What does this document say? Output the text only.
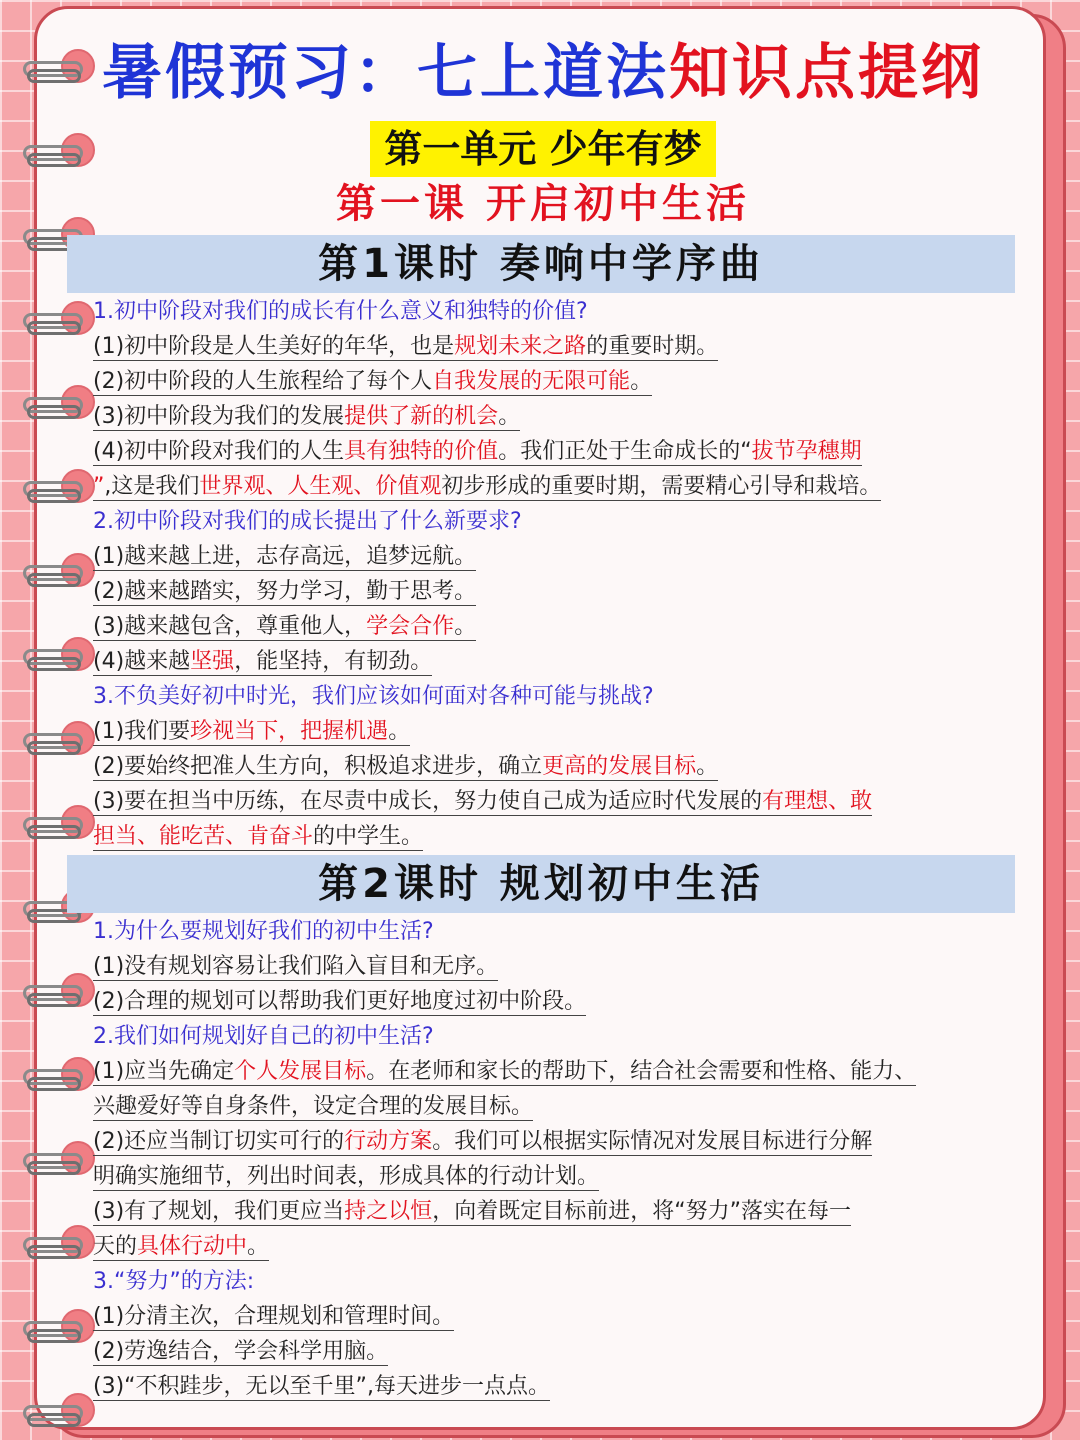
暑假预习：七上道法知识点提纲
第一单元 少年有梦
第一课 开启初中生活
第1课时 奏响中学序曲
1.初中阶段对我们的成长有什么意义和独特的价值?
(1)初中阶段是人生美好的年华，也是规划未来之路的重要时期。
(2)初中阶段的人生旅程给了每个人自我发展的无限可能。
(3)初中阶段为我们的发展提供了新的机会。
(4)初中阶段对我们的人生具有独特的价值。我们正处于生命成长的“拔节孕穗期
”,这是我们世界观、人生观、价值观初步形成的重要时期，需要精心引导和栽培。
2.初中阶段对我们的成长提出了什么新要求?
(1)越来越上进，志存高远，追梦远航。
(2)越来越踏实，努力学习，勤于思考。
(3)越来越包含，尊重他人，学会合作。
(4)越来越坚强，能坚持，有韧劲。
3.不负美好初中时光，我们应该如何面对各种可能与挑战?
(1)我们要珍视当下，把握机遇。
(2)要始终把准人生方向，积极追求进步，确立更高的发展目标。
(3)要在担当中历练，在尽责中成长，努力使自己成为适应时代发展的有理想、敢
担当、能吃苦、肯奋斗的中学生。
第2课时 规划初中生活
1.为什么要规划好我们的初中生活?
(1)没有规划容易让我们陷入盲目和无序。
(2)合理的规划可以帮助我们更好地度过初中阶段。
2.我们如何规划好自己的初中生活?
(1)应当先确定个人发展目标。在老师和家长的帮助下，结合社会需要和性格、能力、
兴趣爱好等自身条件，设定合理的发展目标。
(2)还应当制订切实可行的行动方案。我们可以根据实际情况对发展目标进行分解
明确实施细节，列出时间表，形成具体的行动计划。
(3)有了规划，我们更应当持之以恒，向着既定目标前进，将“努力”落实在每一
天的具体行动中。
3.“努力”的方法:
(1)分清主次，合理规划和管理时间。
(2)劳逸结合，学会科学用脑。
(3)“不积跬步，无以至千里”,每天进步一点点。
